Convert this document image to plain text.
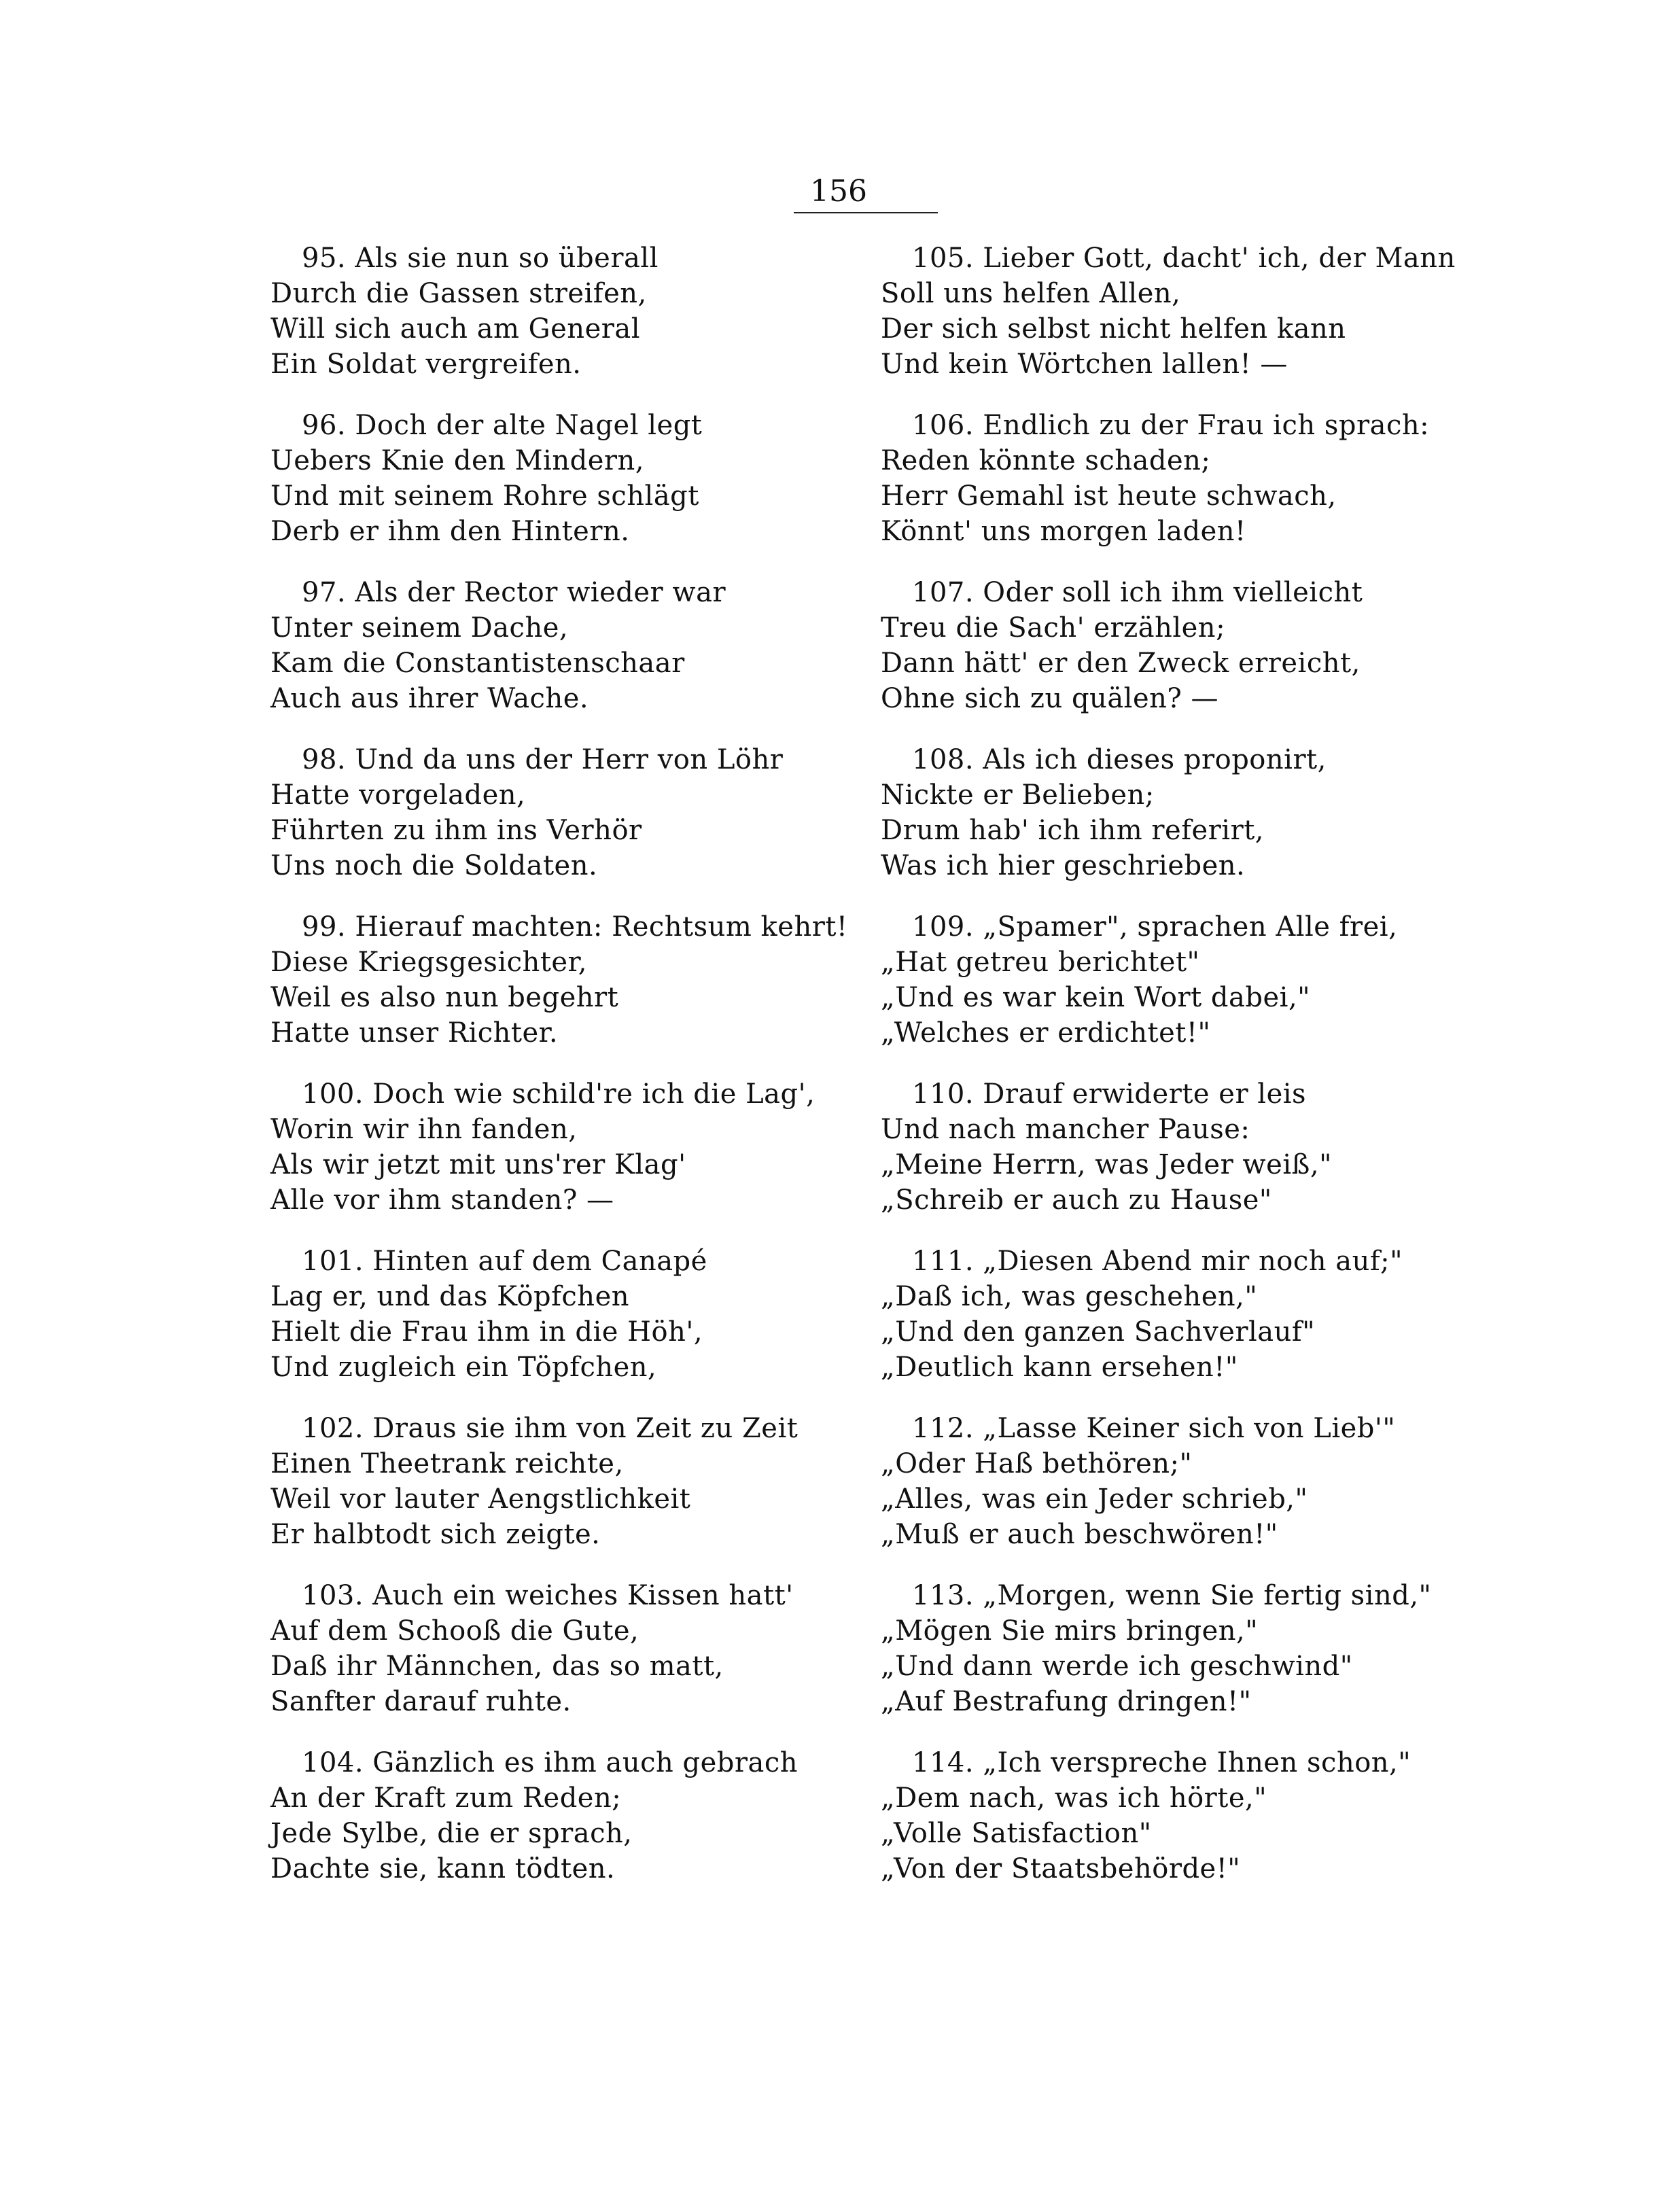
156
95. Als sie nun so überall
Durch die Gassen streifen,
Will sich auch am General
Ein Soldat vergreifen.
96. Doch der alte Nagel legt
Uebers Knie den Mindern,
Und mit seinem Rohre schlägt
Derb er ihm den Hintern.
97. Als der Rector wieder war
Unter seinem Dache,
Kam die Constantistenschaar
Auch aus ihrer Wache.
98. Und da uns der Herr von Löhr
Hatte vorgeladen,
Führten zu ihm ins Verhör
Uns noch die Soldaten.
99. Hierauf machten: Rechtsum kehrt!
Diese Kriegsgesichter,
Weil es also nun begehrt
Hatte unser Richter.
100. Doch wie schild're ich die Lag',
Worin wir ihn fanden,
Als wir jetzt mit uns'rer Klag'
Alle vor ihm standen? —
101. Hinten auf dem Canapé
Lag er, und das Köpfchen
Hielt die Frau ihm in die Höh',
Und zugleich ein Töpfchen,
102. Draus sie ihm von Zeit zu Zeit
Einen Theetrank reichte,
Weil vor lauter Aengstlichkeit
Er halbtodt sich zeigte.
103. Auch ein weiches Kissen hatt'
Auf dem Schooß die Gute,
Daß ihr Männchen, das so matt,
Sanfter darauf ruhte.
104. Gänzlich es ihm auch gebrach
An der Kraft zum Reden;
Jede Sylbe, die er sprach,
Dachte sie, kann tödten.
105. Lieber Gott, dacht' ich, der Mann
Soll uns helfen Allen,
Der sich selbst nicht helfen kann
Und kein Wörtchen lallen! —
106. Endlich zu der Frau ich sprach:
Reden könnte schaden;
Herr Gemahl ist heute schwach,
Könnt' uns morgen laden!
107. Oder soll ich ihm vielleicht
Treu die Sach' erzählen;
Dann hätt' er den Zweck erreicht,
Ohne sich zu quälen? —
108. Als ich dieses proponirt,
Nickte er Belieben;
Drum hab' ich ihm referirt,
Was ich hier geschrieben.
109. „Spamer", sprachen Alle frei,
„Hat getreu berichtet"
„Und es war kein Wort dabei,"
„Welches er erdichtet!"
110. Drauf erwiderte er leis
Und nach mancher Pause:
„Meine Herrn, was Jeder weiß,"
„Schreib er auch zu Hause"
111. „Diesen Abend mir noch auf;"
„Daß ich, was geschehen,"
„Und den ganzen Sachverlauf"
„Deutlich kann ersehen!"
112. „Lasse Keiner sich von Lieb'"
„Oder Haß bethören;"
„Alles, was ein Jeder schrieb,"
„Muß er auch beschwören!"
113. „Morgen, wenn Sie fertig sind,"
„Mögen Sie mirs bringen,"
„Und dann werde ich geschwind"
„Auf Bestrafung dringen!"
114. „Ich verspreche Ihnen schon,"
„Dem nach, was ich hörte,"
„Volle Satisfaction"
„Von der Staatsbehörde!"
